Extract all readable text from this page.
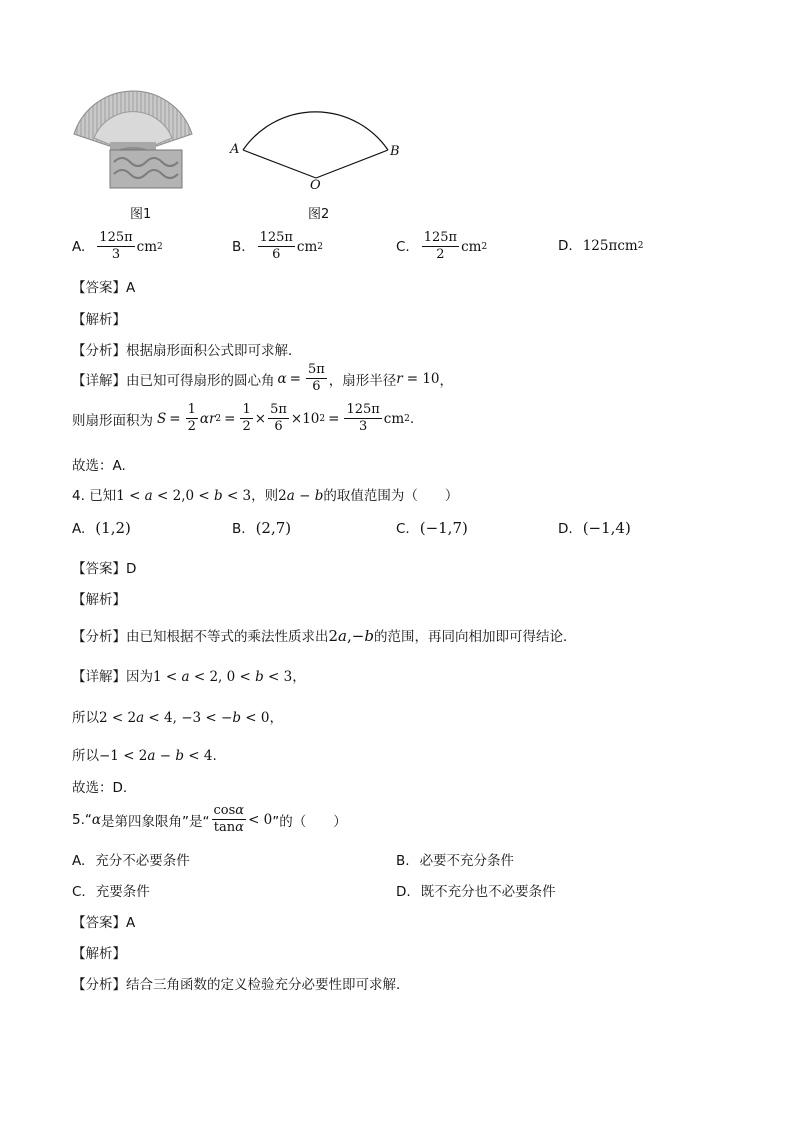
A	B
O
图1	图2
A. $\frac{125\pi}{3}$ cm 2	B. $\frac{125\pi}{6}$ cm 2	C. $\frac{125\pi}{2}$ cm 2	D. 125πcm 2
【答案】A
【解析】
【分析】根据扇形面积公式即可求解．
【详解】 由已知可得扇形的圆心角 $\alpha = \frac{5\pi}{6}$ ，扇形半径 r = 10 ，
则扇形面积为 $S = \frac{1}{2}$ αr $2 = \frac{1}{2} \times \frac{5\pi}{6} \times 10$ $2 = \frac{125\pi}{3}$ cm 2 .
故选：A.
4. 已知1 < a < 2,0 < b < 3，则2a − b的取值范围为（　　）
A. (1,2)	B. (2,7)	C. (−1,7)	D. (−1,4)
【答案】D
【解析】
【分析】由已知根据不等式的乘法性质求出2a,−b的范围，再同向相加即可得结论．
【详解】因为1 < a < 2, 0 < b < 3，
所以2 < 2a < 4, −3 < −b < 0，
所以−1 < 2a − b < 4.
故选：D.
5. “ α 是第四象限角”是“ $\frac{\cos\alpha}{\tan\alpha} < 0$ ”的（　　）
A. 充分不必要条件	B. 必要不充分条件
C. 充要条件	D. 既不充分也不必要条件
【答案】A
【解析】
【分析】结合三角函数的定义检验充分必要性即可求解．
